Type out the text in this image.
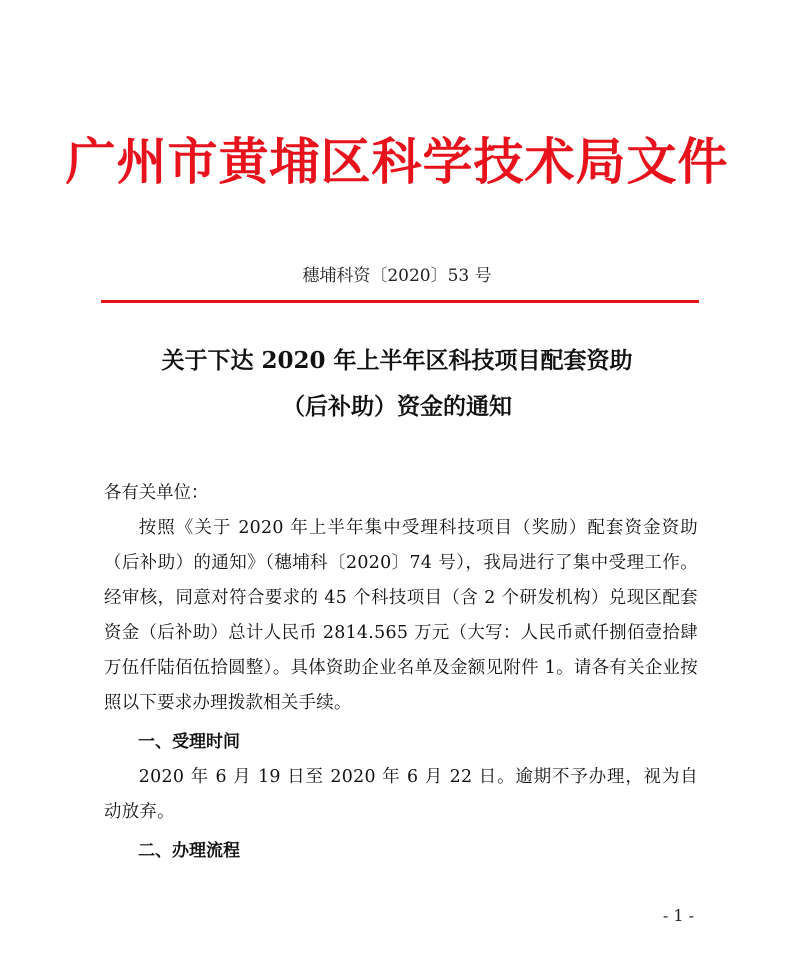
广州市黄埔区科学技术局文件
穗埔科资〔2020〕53 号
关于下达 2020 年上半年区科技项目配套资助
（后补助）资金的通知

各有关单位：

按照《关于 2020 年上半年集中受理科技项目（奖励）配套资金资助（后补助）的通知》（穗埔科〔2020〕74 号），我局进行了集中受理工作。经审核，同意对符合要求的 45 个科技项目（含 2 个研发机构）兑现区配套资金（后补助）总计人民币 2814.565 万元（大写：人民币贰仟捌佰壹拾肆万伍仟陆佰伍拾圆整）。具体资助企业名单及金额见附件 1。请各有关企业按照以下要求办理拨款相关手续。

一、受理时间

2020 年 6 月 19 日至 2020 年 6 月 22 日。逾期不予办理，视为自动放弃。

二、办理流程

- 1 -
